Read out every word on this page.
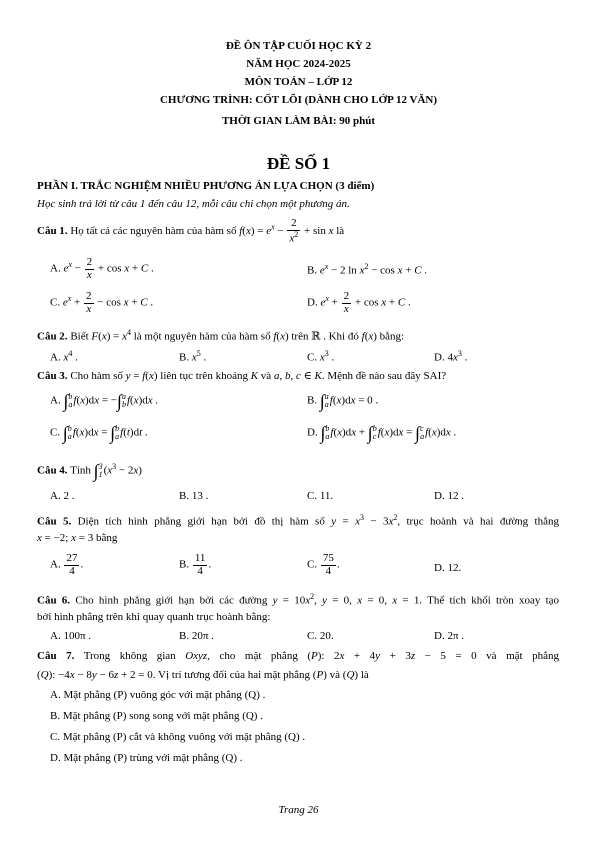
ĐỀ ÔN TẬP CUỐI HỌC KỲ 2
NĂM HỌC 2024-2025
MÔN TOÁN – LỚP 12
CHƯƠNG TRÌNH: CỐT LÕI (DÀNH CHO LỚP 12 VĂN)
THỜI GIAN LÀM BÀI: 90 phút
ĐỀ SỐ 1
PHẦN I. TRẮC NGHIỆM NHIỀU PHƯƠNG ÁN LỰA CHỌN (3 điểm)
Học sinh trả lời từ câu 1 đến câu 12, mỗi câu chỉ chọn một phương án.
Câu 1. Họ tất cả các nguyên hàm của hàm số $f(x) = e^x - \frac{2}{x^2} + \sin x$ là
A. $e^x - \frac{2}{x} + \cos x + C$ .	B. $e^x - 2$ $\ln x^2 - \cos x + C$ .
C. $e^x + \frac{2}{x} - \cos x + C$ .	D. $e^x + \frac{2}{x} + \cos x + C$ .
Câu 2. Biết $F(x) = x^4$ là một nguyên hàm của hàm số f(x) trên ℝ . Khi đó f(x) bằng:
A. $x^4$ .	B. $x^5$ .	C. $x^3$ .	D. $4x^3$ .
Câu 3. Cho hàm số y = f(x) liên tục trên khoảng K và a, b, c ∈ K. Mệnh đề nào sau đây SAI?
A. ∫ b
a f(x)dx = −∫ a
b f(x)dx .	B. ∫ a
a f(x)dx = 0 .
C. ∫ b
a f(x)dx = ∫ b
a f(t)dt .	D. ∫ b
a f(x)dx + ∫ b
c f(x)dx = ∫ c
a f(x)dx .
Câu 4. Tính ∫ 3
1 $(x^3 - 2x)$
A. 2 .	B. 13 .	C. 11.	D. 12 .
Câu 5. Diện tích hình phẳng giới hạn bởi đồ thị hàm số $y = x^3 - 3x^2$, trục hoành và hai đường thẳng
x = −2; x = 3 bằng
A. $\frac{27}{4}$ .	B. $\frac{11}{4}$ .	C. $\frac{75}{4}$ .	D. 12.
Câu 6. Cho hình phẳng giới hạn bởi các đường $y = 10x^2$, y = 0, x = 0, x = 1. Thể tích khối tròn xoay tạo
bởi hình phẳng trên khi quay quanh trục hoành bằng:
A. 100π .	B. 20π .	C. 20.	D. 2π .
Câu 7. Trong không gian Oxyz, cho mặt phẳng (P): 2x + 4y + 3z − 5 = 0 và mặt phẳng
(Q): −4x − 8y − 6z + 2 = 0. Vị trí tương đối của hai mặt phẳng (P) và (Q) là
A. Mặt phẳng (P) vuông góc với mặt phẳng (Q) .
B. Mặt phẳng (P) song song với mặt phẳng (Q) .
C. Mặt phẳng (P) cắt và không vuông với mặt phẳng (Q) .
D. Mặt phẳng (P) trùng với mặt phẳng (Q) .
Trang 26
